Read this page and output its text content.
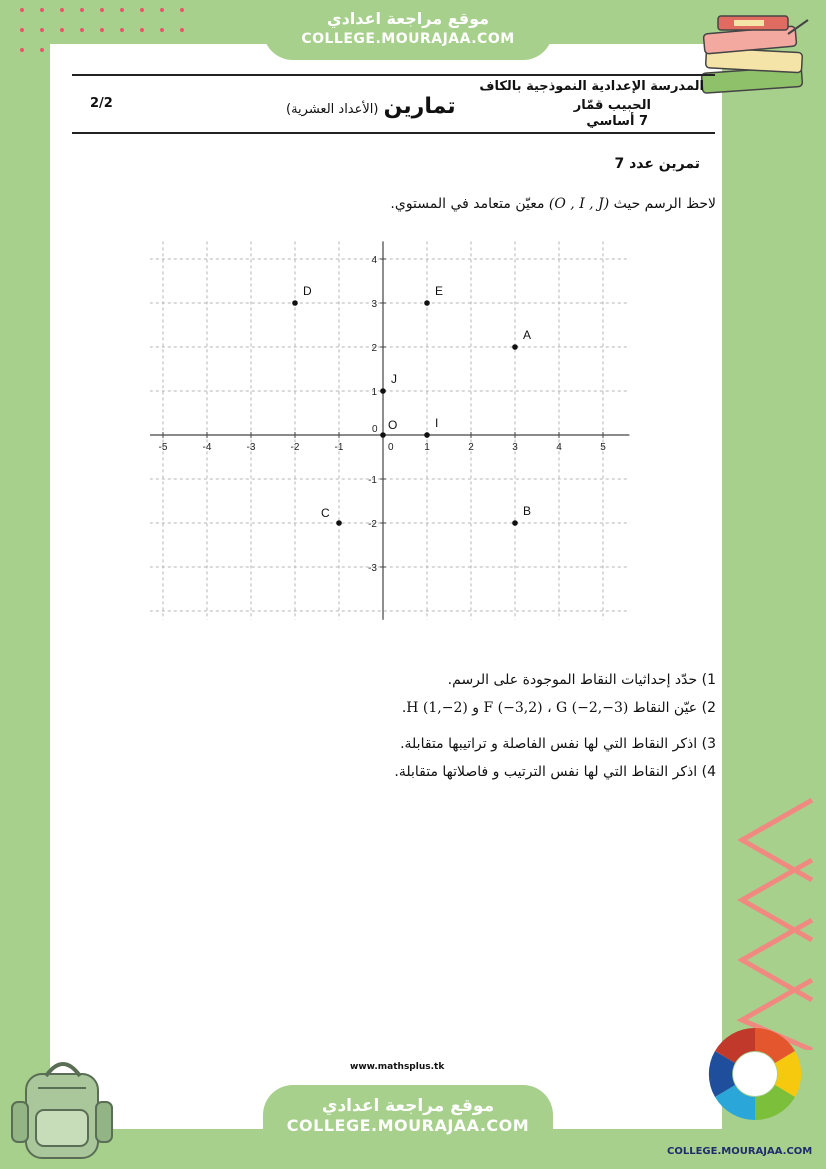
موقع مراجعة اعدادي
COLLEGE.MOURAJAA.COM
المدرسة الإعدادية النموذجية بالكاف
الحبيب قمّار
7 أساسي
تمارين (الأعداد العشرية)
2/2
تمرين عدد 7
لاحظ الرسم حيث (O , I , J) معيّن متعامد في المستوي.
-5	-4	-3	-2	-1	0	1	2	3	4	5
-3
-2
-1
0
1
2
3
4
D	E
A
J
O	I
C	B
1) حدّد إحداثيات النقاط الموجودة على الرسم.
2) عيّن النقاط F (−3,2) ، G (−2,−3) و H (1,−2).
3) اذكر النقاط التي لها نفس الفاصلة و تراتيبها متقابلة.
4) اذكر النقاط التي لها نفس الترتيب و فاصلاتها متقابلة.
www.mathsplus.tk
موقع مراجعة اعدادي
COLLEGE.MOURAJAA.COM
COLLEGE.MOURAJAA.COM
